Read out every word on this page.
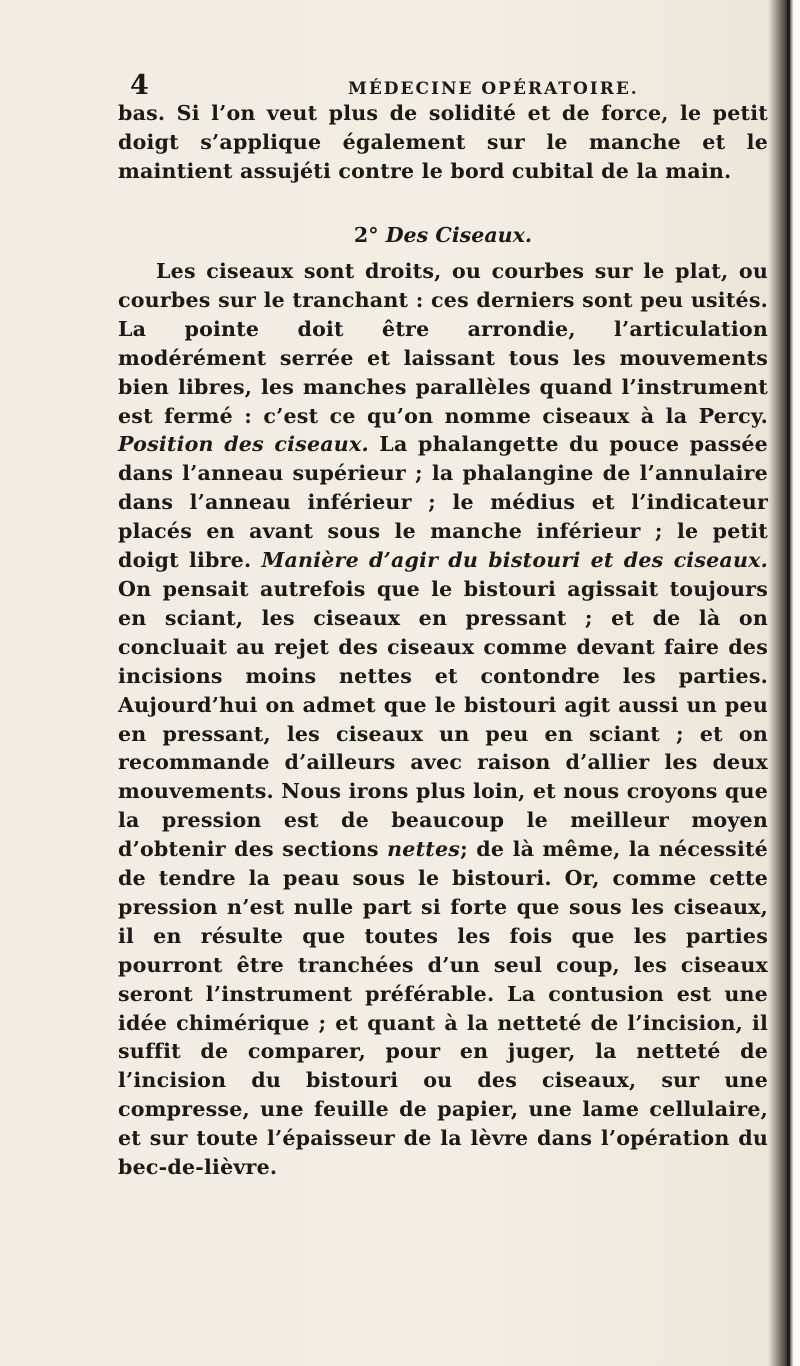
4	MÉDECINE OPÉRATOIRE.

bas. Si l’on veut plus de solidité et de force, le petit doigt s’applique également sur le manche et le maintient assujéti contre le bord cubital de la main.

2° Des Ciseaux.

Les ciseaux sont droits, ou courbes sur le plat, ou courbes sur le tranchant : ces derniers sont peu usités. La pointe doit être arrondie, l’articulation modérément serrée et laissant tous les mouvements bien libres, les manches parallèles quand l’instrument est fermé : c’est ce qu’on nomme ciseaux à la Percy. Position des ciseaux. La phalangette du pouce passée dans l’anneau supérieur ; la phalangine de l’annulaire dans l’anneau inférieur ; le médius et l’indicateur placés en avant sous le manche inférieur ; le petit doigt libre. Manière d’agir du bistouri et des ciseaux. On pensait autrefois que le bistouri agissait toujours en sciant, les ciseaux en pressant ; et de là on concluait au rejet des ciseaux comme devant faire des incisions moins nettes et contondre les parties. Aujourd’hui on admet que le bistouri agit aussi un peu en pressant, les ciseaux un peu en sciant ; et on recommande d’ailleurs avec raison d’allier les deux mouvements. Nous irons plus loin, et nous croyons que la pression est de beaucoup le meilleur moyen d’obtenir des sections nettes; de là même, la nécessité de tendre la peau sous le bistouri. Or, comme cette pression n’est nulle part si forte que sous les ciseaux, il en résulte que toutes les fois que les parties pourront être tranchées d’un seul coup, les ciseaux seront l’instrument préférable. La contusion est une idée chimérique ; et quant à la netteté de l’incision, il suffit de comparer, pour en juger, la netteté de l’incision du bistouri ou des ciseaux, sur une compresse, une feuille de papier, une lame cellulaire, et sur toute l’épaisseur de la lèvre dans l’opération du bec-de-lièvre.
